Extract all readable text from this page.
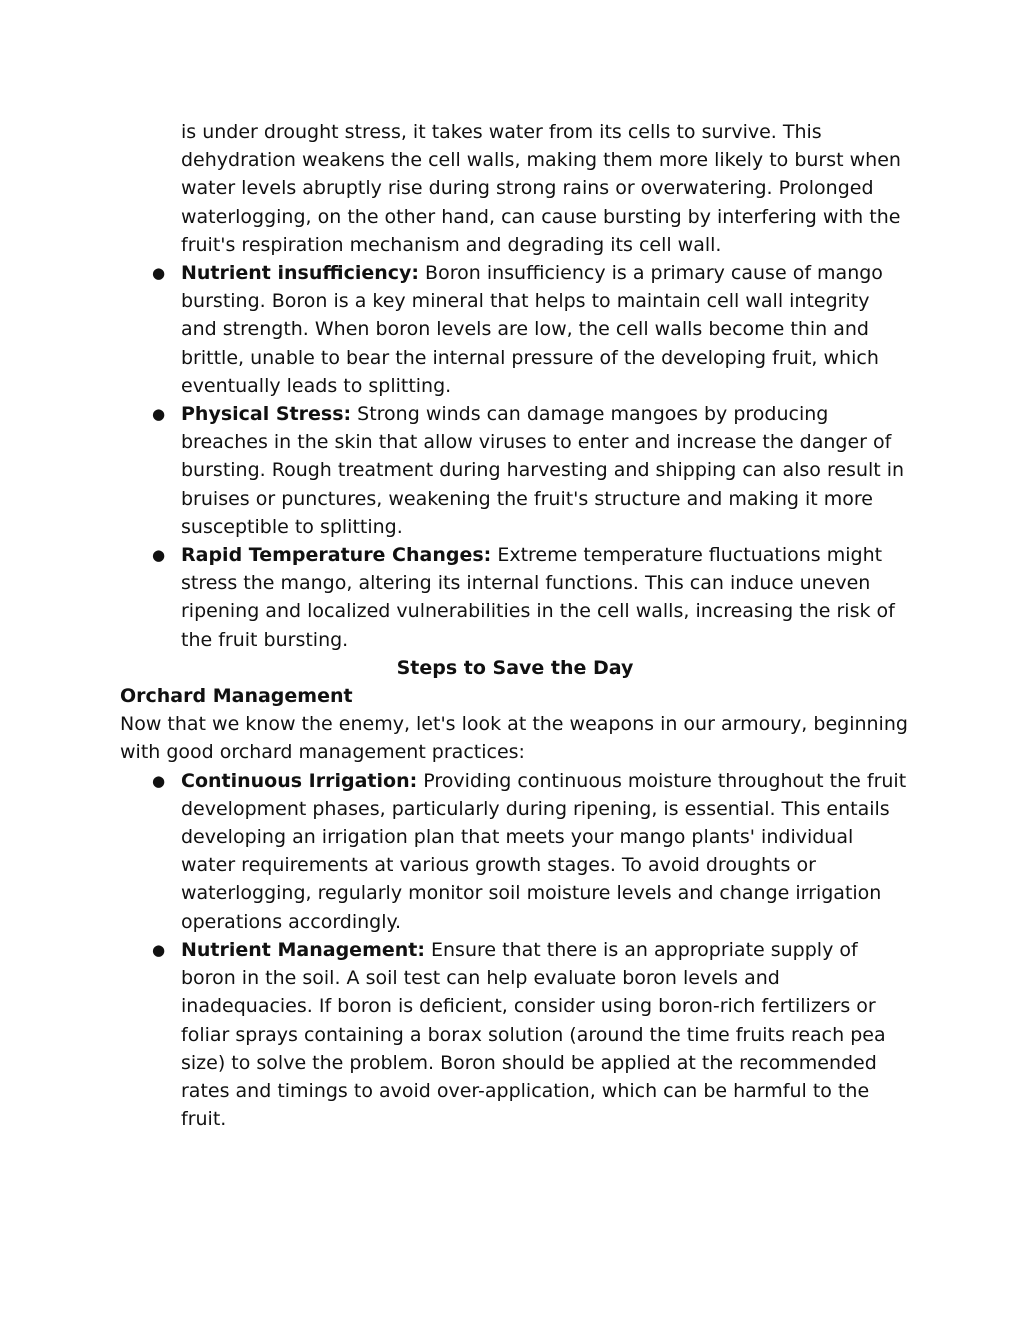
is under drought stress, it takes water from its cells to survive. This dehydration weakens the cell walls, making them more likely to burst when water levels abruptly rise during strong rains or overwatering. Prolonged waterlogging, on the other hand, can cause bursting by interfering with the fruit's respiration mechanism and degrading its cell wall.
● Nutrient insufficiency: Boron insufficiency is a primary cause of mango bursting. Boron is a key mineral that helps to maintain cell wall integrity and strength. When boron levels are low, the cell walls become thin and brittle, unable to bear the internal pressure of the developing fruit, which eventually leads to splitting.
● Physical Stress: Strong winds can damage mangoes by producing breaches in the skin that allow viruses to enter and increase the danger of bursting. Rough treatment during harvesting and shipping can also result in bruises or punctures, weakening the fruit's structure and making it more susceptible to splitting.
● Rapid Temperature Changes: Extreme temperature fluctuations might stress the mango, altering its internal functions. This can induce uneven ripening and localized vulnerabilities in the cell walls, increasing the risk of the fruit bursting.

Steps to Save the Day

Orchard Management

Now that we know the enemy, let's look at the weapons in our armoury, beginning with good orchard management practices:

● Continuous Irrigation: Providing continuous moisture throughout the fruit development phases, particularly during ripening, is essential. This entails developing an irrigation plan that meets your mango plants' individual water requirements at various growth stages. To avoid droughts or waterlogging, regularly monitor soil moisture levels and change irrigation operations accordingly.
● Nutrient Management: Ensure that there is an appropriate supply of boron in the soil. A soil test can help evaluate boron levels and inadequacies. If boron is deficient, consider using boron-rich fertilizers or foliar sprays containing a borax solution (around the time fruits reach pea size) to solve the problem. Boron should be applied at the recommended rates and timings to avoid over-application, which can be harmful to the fruit.
